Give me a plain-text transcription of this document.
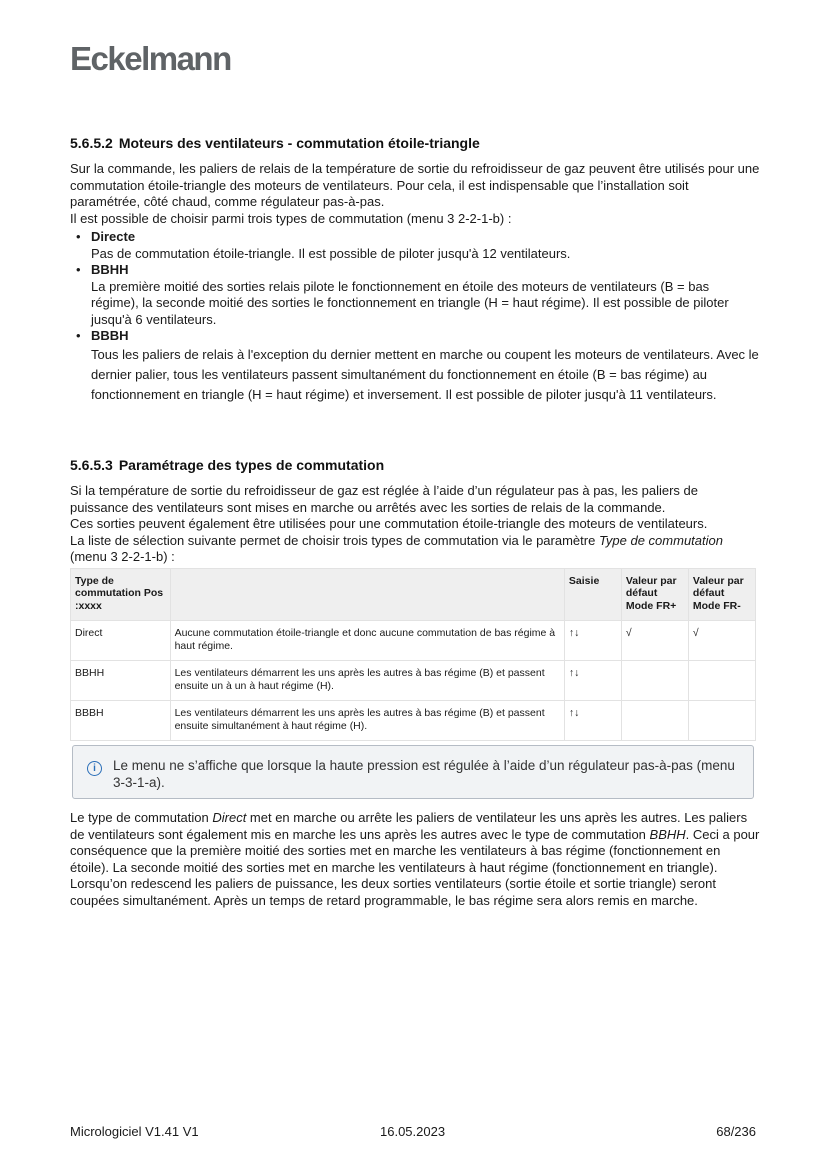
Eckelmann
5.6.5.2 Moteurs des ventilateurs - commutation étoile-triangle

Sur la commande, les paliers de relais de la température de sortie du refroidisseur de gaz peuvent être utilisés pour une commutation étoile-triangle des moteurs de ventilateurs. Pour cela, il est indispensable que l’installation soit paramétrée, côté chaud, comme régulateur pas-à-pas.

Il est possible de choisir parmi trois types de commutation (menu 3 2-2-1-b) :

• Directe
Pas de commutation étoile-triangle. Il est possible de piloter jusqu'à 12 ventilateurs.
• BBHH
La première moitié des sorties relais pilote le fonctionnement en étoile des moteurs de ventilateurs (B = bas régime), la seconde moitié des sorties le fonctionnement en triangle (H = haut régime). Il est possible de piloter jusqu'à 6 ventilateurs.
• BBBH
Tous les paliers de relais à l'exception du dernier mettent en marche ou coupent les moteurs de ventilateurs. Avec le dernier palier, tous les ventilateurs passent simultanément du fonctionnement en étoile (B = bas régime) au fonctionnement en triangle (H = haut régime) et inversement. Il est possible de piloter jusqu'à 11 ventilateurs.
5.6.5.3 Paramétrage des types de commutation

Si la température de sortie du refroidisseur de gaz est réglée à l’aide d’un régulateur pas à pas, les paliers de puissance des ventilateurs sont mises en marche ou arrêtés avec les sorties de relais de la commande.

Ces sorties peuvent également être utilisées pour une commutation étoile-triangle des moteurs de ventilateurs.

La liste de sélection suivante permet de choisir trois types de commutation via le paramètre Type de commutation (menu 3 2-2-1-b) :

Type de commutation Pos :xxxx		Saisie	Valeur par défaut Mode FR+	Valeur par défaut Mode FR-
Direct	Aucune commutation étoile-triangle et donc aucune commutation de bas régime à haut régime.	↑↓	√	√
BBHH	Les ventilateurs démarrent les uns après les autres à bas régime (B) et passent ensuite un à un à haut régime (H).	↑↓		
BBBH	Les ventilateurs démarrent les uns après les autres à bas régime (B) et passent ensuite simultanément à haut régime (H).	↑↓		
i	Le menu ne s’affiche que lorsque la haute pression est régulée à l’aide d’un régulateur pas-à-pas (menu 3-3-1-a).

Le type de commutation Direct met en marche ou arrête les paliers de ventilateur les uns après les autres. Les paliers de ventilateurs sont également mis en marche les uns après les autres avec le type de commutation BBHH. Ceci a pour conséquence que la première moitié des sorties met en marche les ventilateurs à bas régime (fonctionnement en étoile). La seconde moitié des sorties met en marche les ventilateurs à haut régime (fonctionnement en triangle). Lorsqu’on redescend les paliers de puissance, les deux sorties ventilateurs (sortie étoile et sortie triangle) seront coupées simultanément. Après un temps de retard programmable, le bas régime sera alors remis en marche.

Micrologiciel V1.41 V1	16.05.2023	68/236
